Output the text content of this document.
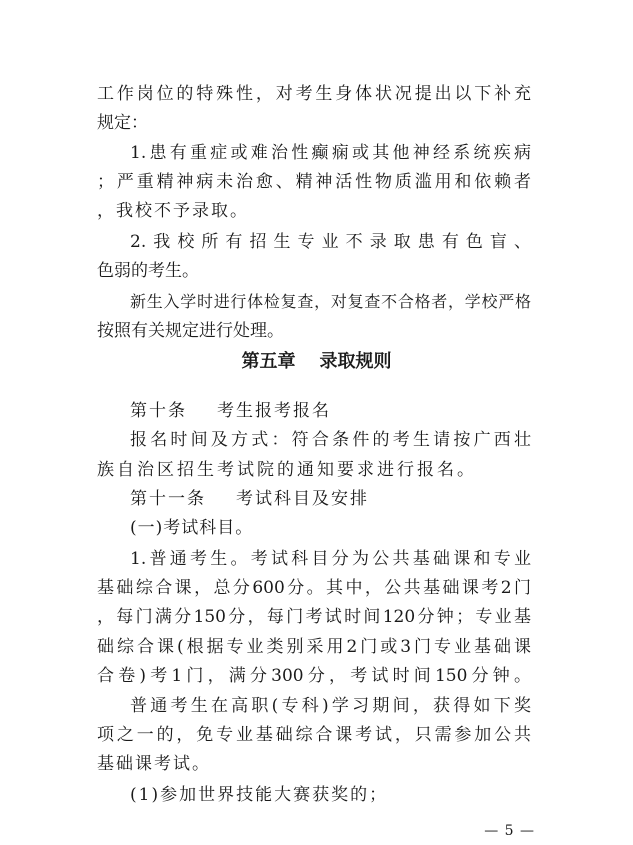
工作岗位的特殊性，对考生身体状况提出以下补充
规定：
1.患有重症或难治性癫痫或其他神经系统疾病
；严重精神病未治愈、精神活性物质滥用和依赖者
，我校不予录取。
2.我校所有招生专业不录取患有色盲、
色弱的考生。
新生入学时进行体检复查，对复查不合格者，学校严格
按照有关规定进行处理。
第五章 录取规则
第十条 考生报考报名
报名时间及方式：符合条件的考生请按广西壮
族自治区招生考试院的通知要求进行报名。
第十一条 考试科目及安排
(一)考试科目。
1.普通考生。考试科目分为公共基础课和专业
基础综合课，总分600分。其中，公共基础课考2门
，每门满分150分，每门考试时间120分钟；专业基
础综合课(根据专业类别采用2门或3门专业基础课
合卷)考1门，满分300分，考试时间150分钟。
普通考生在高职(专科)学习期间，获得如下奖
项之一的，免专业基础综合课考试，只需参加公共
基础课考试。
(1)参加世界技能大赛获奖的；
— 5 —
